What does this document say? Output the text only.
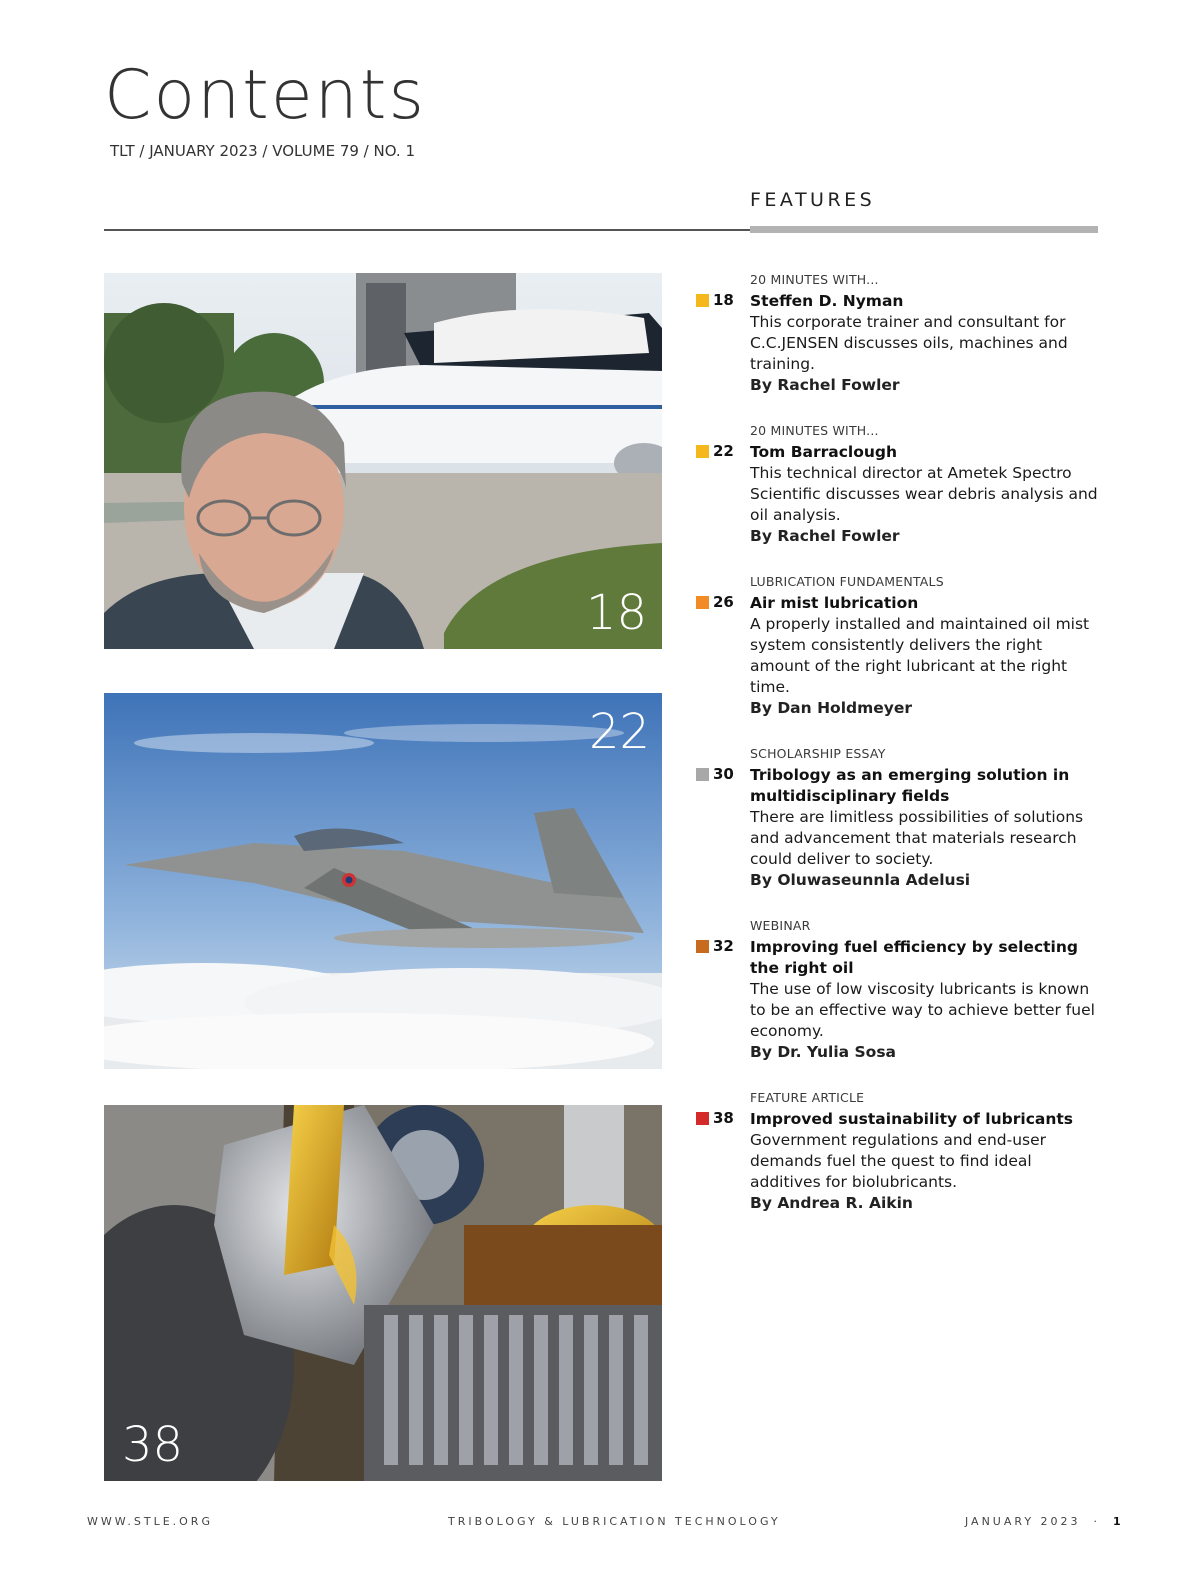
Contents
TLT / JANUARY 2023 / VOLUME 79 / NO. 1
FEATURES
18
22
38
20 MINUTES WITH...
18 Steffen D. Nyman
This corporate trainer and consultant for C.C.JENSEN discusses oils, machines and training.
By Rachel Fowler
20 MINUTES WITH...
22 Tom Barraclough
This technical director at Ametek Spectro Scientific discusses wear debris analysis and oil analysis.
By Rachel Fowler
LUBRICATION FUNDAMENTALS
26 Air mist lubrication
A properly installed and maintained oil mist system consistently delivers the right amount of the right lubricant at the right time.
By Dan Holdmeyer
SCHOLARSHIP ESSAY
30 Tribology as an emerging solution in multidisciplinary fields
There are limitless possibilities of solutions and advancement that materials research could deliver to society.
By Oluwaseunnla Adelusi
WEBINAR
32 Improving fuel efficiency by selecting the right oil
The use of low viscosity lubricants is known to be an effective way to achieve better fuel economy.
By Dr. Yulia Sosa
FEATURE ARTICLE
38 Improved sustainability of lubricants
Government regulations and end-user demands fuel the quest to find ideal additives for biolubricants.
By Andrea R. Aikin
WWW.STLE.ORG	TRIBOLOGY & LUBRICATION TECHNOLOGY	JANUARY 2023 · 1
